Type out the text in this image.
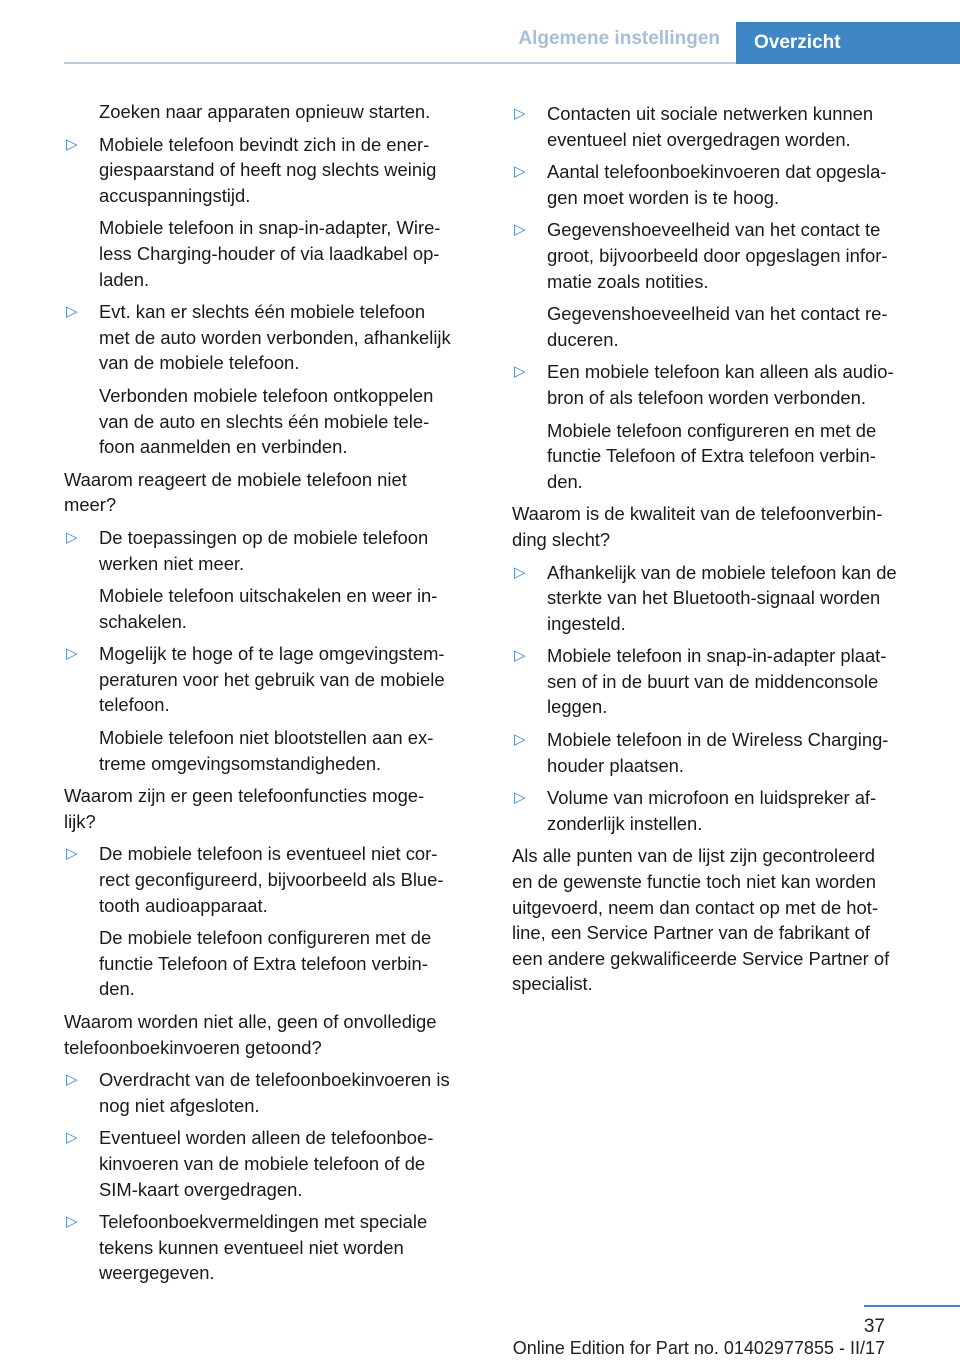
Algemene instellingen	Overzicht
Zoeken naar apparaten opnieuw starten.
▷ Mobiele telefoon bevindt zich in de ener‐
giespaarstand of heeft nog slechts weinig
accuspanningstijd.
Mobiele telefoon in snap-in-adapter, Wire‐
less Charging-houder of via laadkabel op‐
laden.
▷ Evt. kan er slechts één mobiele telefoon
met de auto worden verbonden, afhankelijk
van de mobiele telefoon.
Verbonden mobiele telefoon ontkoppelen
van de auto en slechts één mobiele tele‐
foon aanmelden en verbinden.
Waarom reageert de mobiele telefoon niet
meer?
▷ De toepassingen op de mobiele telefoon
werken niet meer.
Mobiele telefoon uitschakelen en weer in‐
schakelen.
▷ Mogelijk te hoge of te lage omgevingstem‐
peraturen voor het gebruik van de mobiele
telefoon.
Mobiele telefoon niet blootstellen aan ex‐
treme omgevingsomstandigheden.
Waarom zijn er geen telefoonfuncties moge‐
lijk?
▷ De mobiele telefoon is eventueel niet cor‐
rect geconfigureerd, bijvoorbeeld als Blue‐
tooth audioapparaat.
De mobiele telefoon configureren met de
functie Telefoon of Extra telefoon verbin‐
den.
Waarom worden niet alle, geen of onvolledige
telefoonboekinvoeren getoond?
▷ Overdracht van de telefoonboekinvoeren is
nog niet afgesloten.
▷ Eventueel worden alleen de telefoonboe‐
kinvoeren van de mobiele telefoon of de
SIM-kaart overgedragen.
▷ Telefoonboekvermeldingen met speciale
tekens kunnen eventueel niet worden
weergegeven.
▷ Contacten uit sociale netwerken kunnen
eventueel niet overgedragen worden.
▷ Aantal telefoonboekinvoeren dat opgesla‐
gen moet worden is te hoog.
▷ Gegevenshoeveelheid van het contact te
groot, bijvoorbeeld door opgeslagen infor‐
matie zoals notities.
Gegevenshoeveelheid van het contact re‐
duceren.
▷ Een mobiele telefoon kan alleen als audio‐
bron of als telefoon worden verbonden.
Mobiele telefoon configureren en met de
functie Telefoon of Extra telefoon verbin‐
den.
Waarom is de kwaliteit van de telefoonverbin‐
ding slecht?
▷ Afhankelijk van de mobiele telefoon kan de
sterkte van het Bluetooth-signaal worden
ingesteld.
▷ Mobiele telefoon in snap-in-adapter plaat‐
sen of in de buurt van de middenconsole
leggen.
▷ Mobiele telefoon in de Wireless Charging-
houder plaatsen.
▷ Volume van microfoon en luidspreker af‐
zonderlijk instellen.
Als alle punten van de lijst zijn gecontroleerd
en de gewenste functie toch niet kan worden
uitgevoerd, neem dan contact op met de hot‐
line, een Service Partner van de fabrikant of
een andere gekwalificeerde Service Partner of
specialist.
37
Online Edition for Part no. 01402977855 - II/17
